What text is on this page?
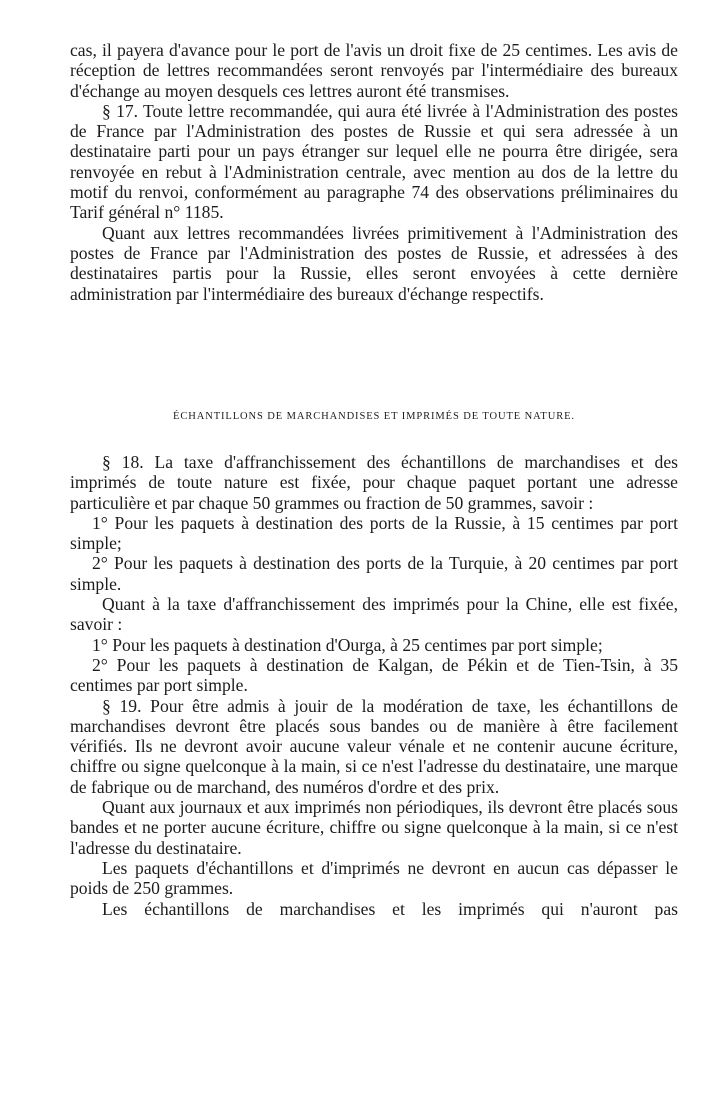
cas, il payera d'avance pour le port de l'avis un droit fixe de 25 centimes. Les avis de réception de lettres recommandées seront renvoyés par l'intermédiaire des bureaux d'échange au moyen desquels ces lettres auront été transmises.

§ 17. Toute lettre recommandée, qui aura été livrée à l'Administration des postes de France par l'Administration des postes de Russie et qui sera adressée à un destinataire parti pour un pays étranger sur lequel elle ne pourra être dirigée, sera renvoyée en rebut à l'Administration centrale, avec mention au dos de la lettre du motif du renvoi, conformément au paragraphe 74 des observations préliminaires du Tarif général n° 1185.

Quant aux lettres recommandées livrées primitivement à l'Administration des postes de France par l'Administration des postes de Russie, et adressées à des destinataires partis pour la Russie, elles seront envoyées à cette dernière administration par l'intermédiaire des bureaux d'échange respectifs.

ÉCHANTILLONS DE MARCHANDISES ET IMPRIMÉS DE TOUTE NATURE.

§ 18. La taxe d'affranchissement des échantillons de marchandises et des imprimés de toute nature est fixée, pour chaque paquet portant une adresse particulière et par chaque 50 grammes ou fraction de 50 grammes, savoir :

1° Pour les paquets à destination des ports de la Russie, à 15 centimes par port simple;

2° Pour les paquets à destination des ports de la Turquie, à 20 centimes par port simple.

Quant à la taxe d'affranchissement des imprimés pour la Chine, elle est fixée, savoir :

1° Pour les paquets à destination d'Ourga, à 25 centimes par port simple;

2° Pour les paquets à destination de Kalgan, de Pékin et de Tien-Tsin, à 35 centimes par port simple.

§ 19. Pour être admis à jouir de la modération de taxe, les échantillons de marchandises devront être placés sous bandes ou de manière à être facilement vérifiés. Ils ne devront avoir aucune valeur vénale et ne contenir aucune écriture, chiffre ou signe quelconque à la main, si ce n'est l'adresse du destinataire, une marque de fabrique ou de marchand, des numéros d'ordre et des prix.

Quant aux journaux et aux imprimés non périodiques, ils devront être placés sous bandes et ne porter aucune écriture, chiffre ou signe quelconque à la main, si ce n'est l'adresse du destinataire.

Les paquets d'échantillons et d'imprimés ne devront en aucun cas dépasser le poids de 250 grammes.

Les échantillons de marchandises et les imprimés qui n'auront pas
